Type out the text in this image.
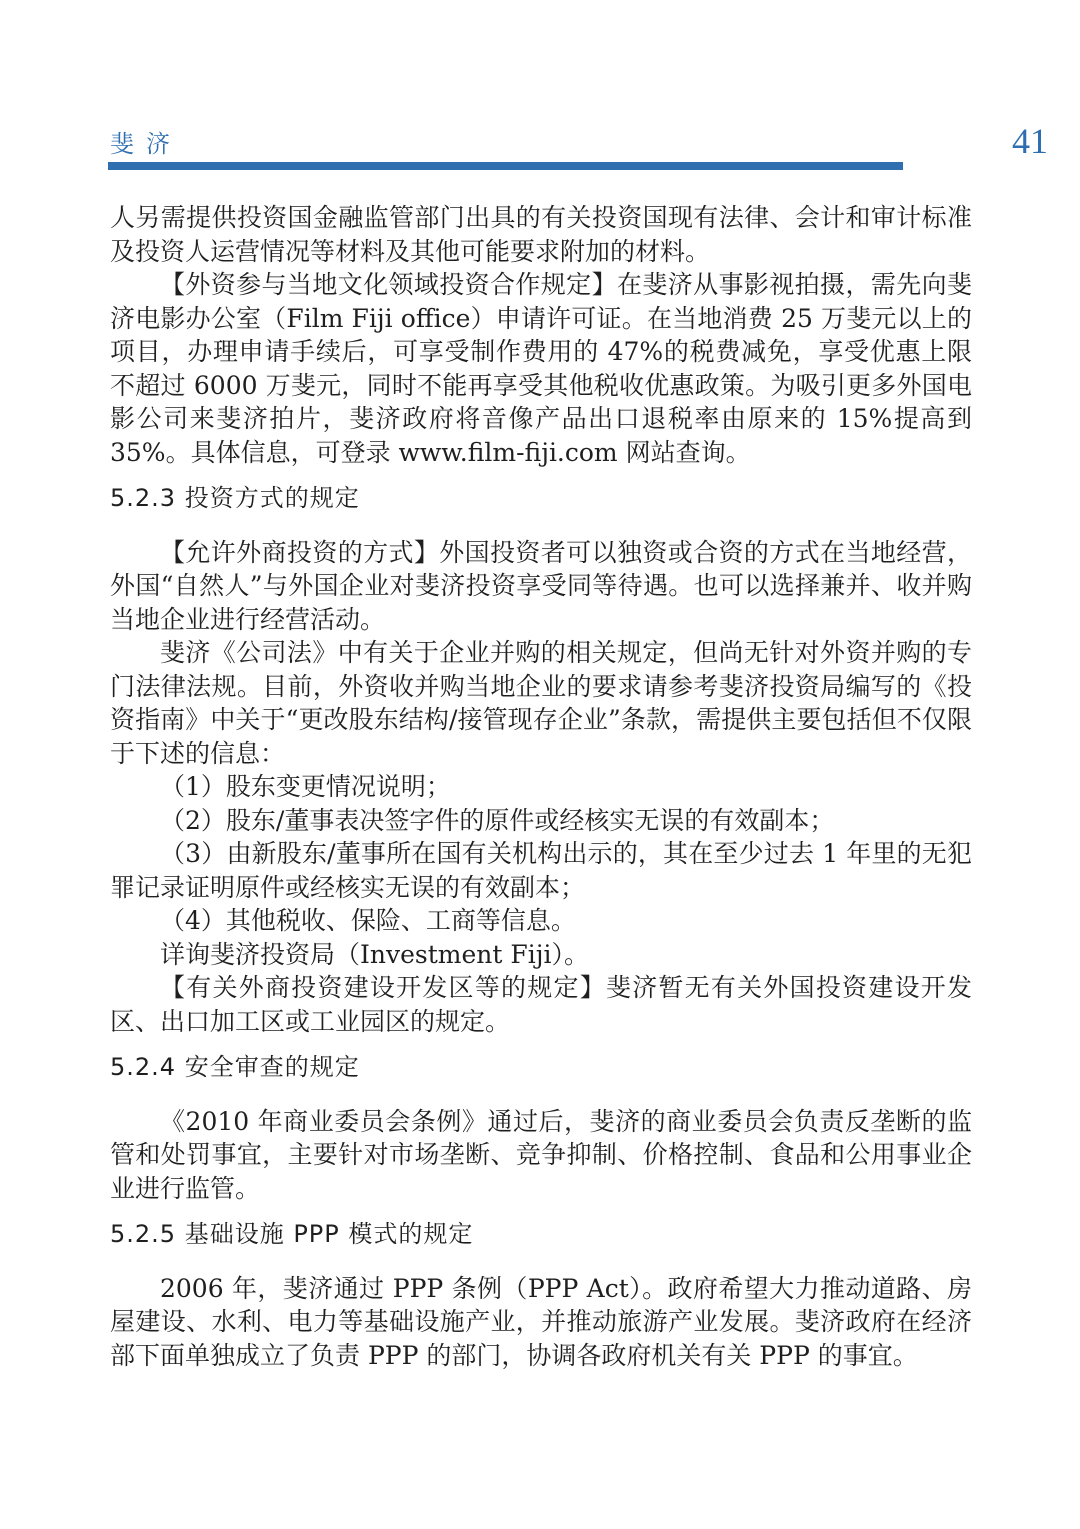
斐济	41

人另需提供投资国金融监管部门出具的有关投资国现有法律、会计和审计标准及投资人运营情况等材料及其他可能要求附加的材料。

【外资参与当地文化领域投资合作规定】在斐济从事影视拍摄，需先向斐济电影办公室（Film Fiji office）申请许可证。在当地消费 25 万斐元以上的项目，办理申请手续后，可享受制作费用的 47%的税费减免，享受优惠上限不超过 6000 万斐元，同时不能再享受其他税收优惠政策。为吸引更多外国电影公司来斐济拍片，斐济政府将音像产品出口退税率由原来的 15%提高到 35%。具体信息，可登录 www.film-fiji.com 网站查询。

5.2.3 投资方式的规定

【允许外商投资的方式】外国投资者可以独资或合资的方式在当地经营，外国“自然人”与外国企业对斐济投资享受同等待遇。也可以选择兼并、收并购当地企业进行经营活动。

斐济《公司法》中有关于企业并购的相关规定，但尚无针对外资并购的专门法律法规。目前，外资收并购当地企业的要求请参考斐济投资局编写的《投资指南》中关于“更改股东结构/接管现存企业”条款，需提供主要包括但不仅限于下述的信息：

（1）股东变更情况说明；

（2）股东/董事表决签字件的原件或经核实无误的有效副本；

（3）由新股东/董事所在国有关机构出示的，其在至少过去 1 年里的无犯罪记录证明原件或经核实无误的有效副本；

（4）其他税收、保险、工商等信息。

详询斐济投资局（Investment Fiji）。

【有关外商投资建设开发区等的规定】斐济暂无有关外国投资建设开发区、出口加工区或工业园区的规定。

5.2.4 安全审查的规定

《2010 年商业委员会条例》通过后，斐济的商业委员会负责反垄断的监管和处罚事宜，主要针对市场垄断、竞争抑制、价格控制、食品和公用事业企业进行监管。

5.2.5 基础设施 PPP 模式的规定

2006 年，斐济通过 PPP 条例（PPP Act）。政府希望大力推动道路、房屋建设、水利、电力等基础设施产业，并推动旅游产业发展。斐济政府在经济部下面单独成立了负责 PPP 的部门，协调各政府机关有关 PPP 的事宜。
